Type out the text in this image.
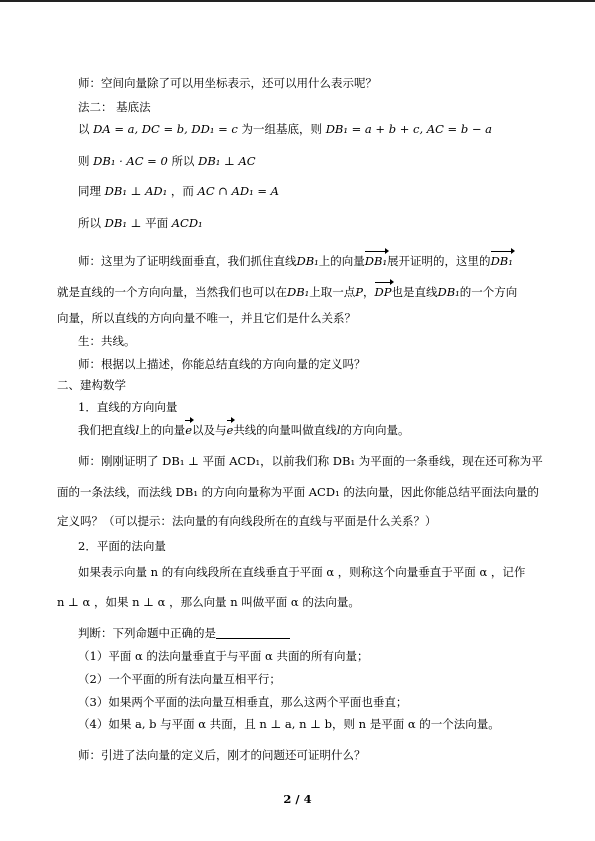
师：空间向量除了可以用坐标表示，还可以用什么表示呢？
法二： 基底法
以 DA = a, DC = b, DD₁ = c 为一组基底，则 DB₁ = a + b + c, AC = b − a
则 DB₁ · AC = 0 所以 DB₁ ⊥ AC
同理 DB₁ ⊥ AD₁ ，而 AC ∩ AD₁ = A
所以 DB₁ ⊥ 平面 ACD₁
师：这里为了证明线面垂直，我们抓住直线DB₁上的向量DB₁展开证明的，这里的DB₁
就是直线的一个方向向量，当然我们也可以在DB₁上取一点P，DP也是直线DB₁的一个方向
向量，所以直线的方向向量不唯一，并且它们是什么关系？
生：共线。
师：根据以上描述，你能总结直线的方向向量的定义吗？
二、建构数学
1．直线的方向向量
我们把直线l上的向量e以及与e共线的向量叫做直线l的方向向量。
师：刚刚证明了 DB₁ ⊥ 平面 ACD₁，以前我们称 DB₁ 为平面的一条垂线，现在还可称为平
面的一条法线，而法线 DB₁ 的方向向量称为平面 ACD₁ 的法向量，因此你能总结平面法向量的
定义吗？（可以提示：法向量的有向线段所在的直线与平面是什么关系？）
2．平面的法向量
如果表示向量 n 的有向线段所在直线垂直于平面 α ，则称这个向量垂直于平面 α ，记作
n ⊥ α ，如果 n ⊥ α ，那么向量 n 叫做平面 α 的法向量。
判断：下列命题中正确的是
（1）平面 α 的法向量垂直于与平面 α 共面的所有向量；
（2）一个平面的所有法向量互相平行；
（3）如果两个平面的法向量互相垂直，那么这两个平面也垂直；
（4）如果 a, b 与平面 α 共面，且 n ⊥ a, n ⊥ b，则 n 是平面 α 的一个法向量。
师：引进了法向量的定义后，刚才的问题还可证明什么？
2 / 4
